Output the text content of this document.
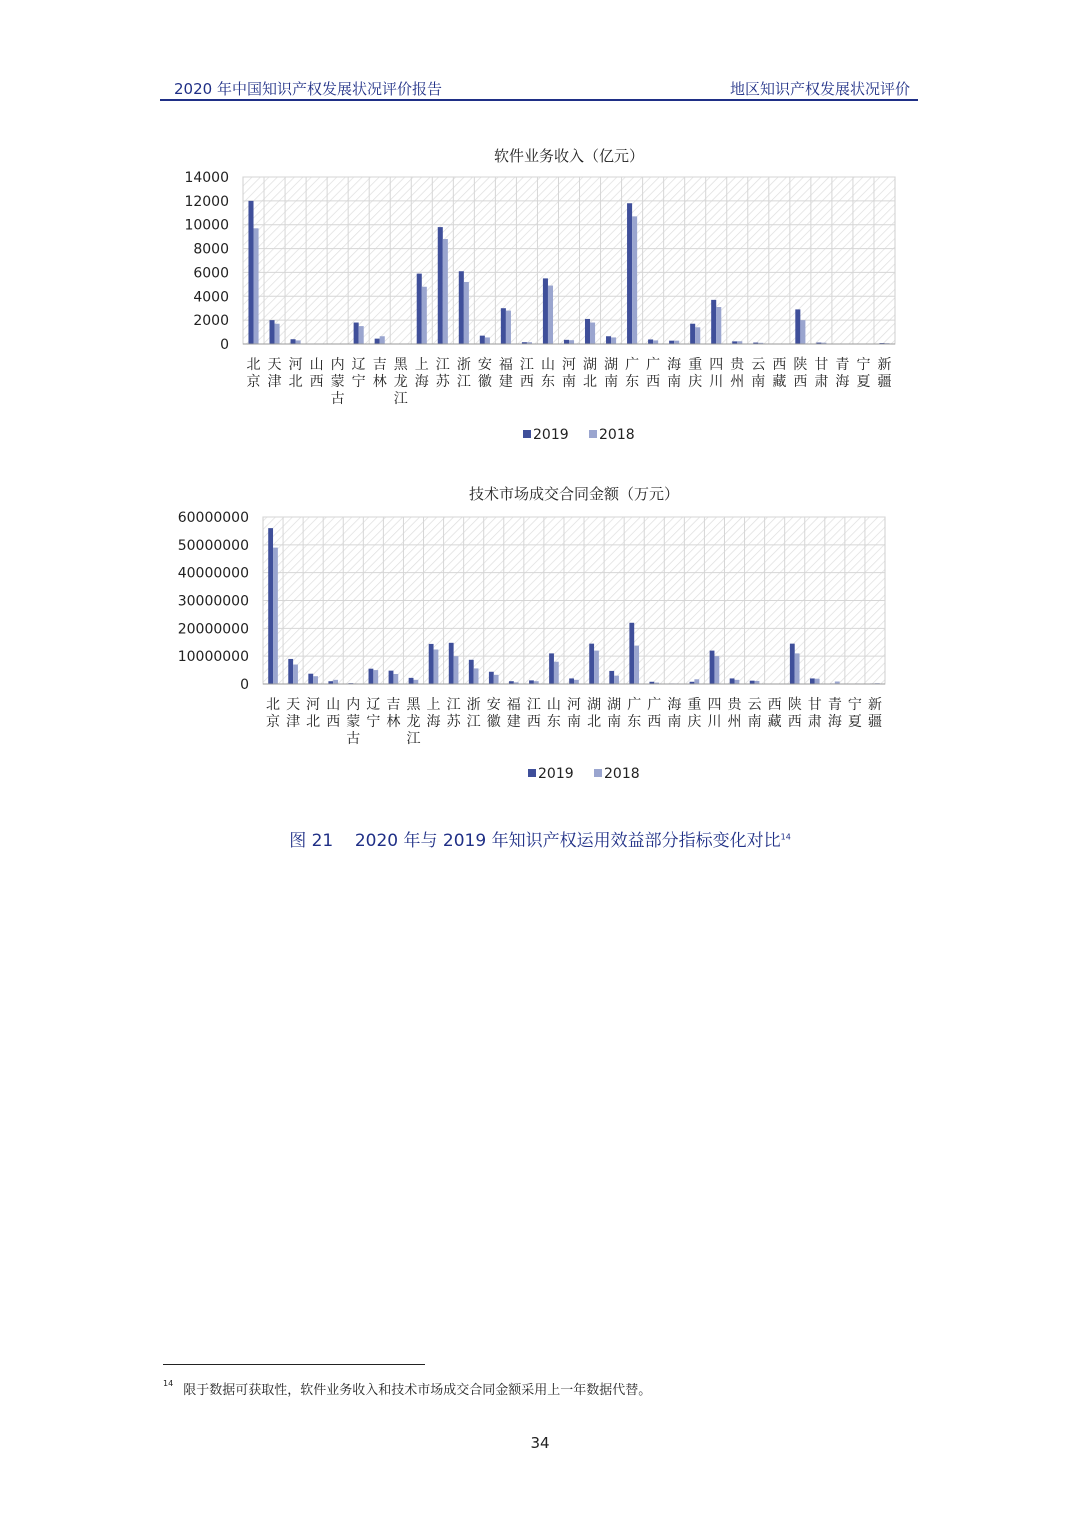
2020 年中国知识产权发展状况评价报告	地区知识产权发展状况评价
软件业务收入（亿元）
0
2000
4000
6000
8000
10000
12000
14000
北京
天津
河北
山西
内蒙古
辽宁
吉林
黑龙江
上海
江苏
浙江
安徽
福建
江西
山东
河南
湖北
湖南
广东
广西
海南
重庆
四川
贵州
云南
西藏
陕西
甘肃
青海
宁夏
新疆
2019 2018
技术市场成交合同金额（万元）
0
10000000
20000000
30000000
40000000
50000000
60000000
北京
天津
河北
山西
内蒙古
辽宁
吉林
黑龙江
上海
江苏
浙江
安徽
福建
江西
山东
河南
湖北
湖南
广东
广西
海南
重庆
四川
贵州
云南
西藏
陕西
甘肃
青海
宁夏
新疆
2019 2018
图 21 2020 年与 2019 年知识产权运用效益部分指标变化对比$^{14}$
$^{14}$ 限于数据可获取性，软件业务收入和技术市场成交合同金额采用上一年数据代替。
34
